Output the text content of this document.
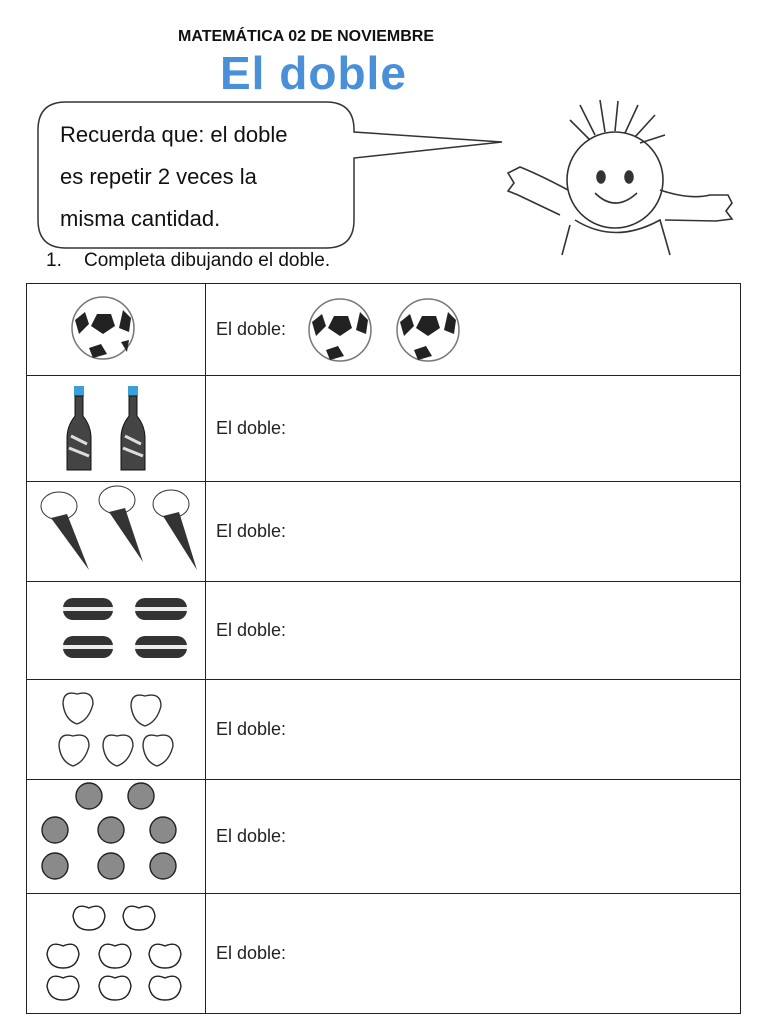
MATEMÁTICA 02 DE NOVIEMBRE
El doble
Recuerda que: el doble
es repetir 2 veces la
misma cantidad.
1. Completa dibujando el doble.

El doble:

	El doble:
	El doble:
	El doble:
	El doble:
	El doble:
	El doble:
